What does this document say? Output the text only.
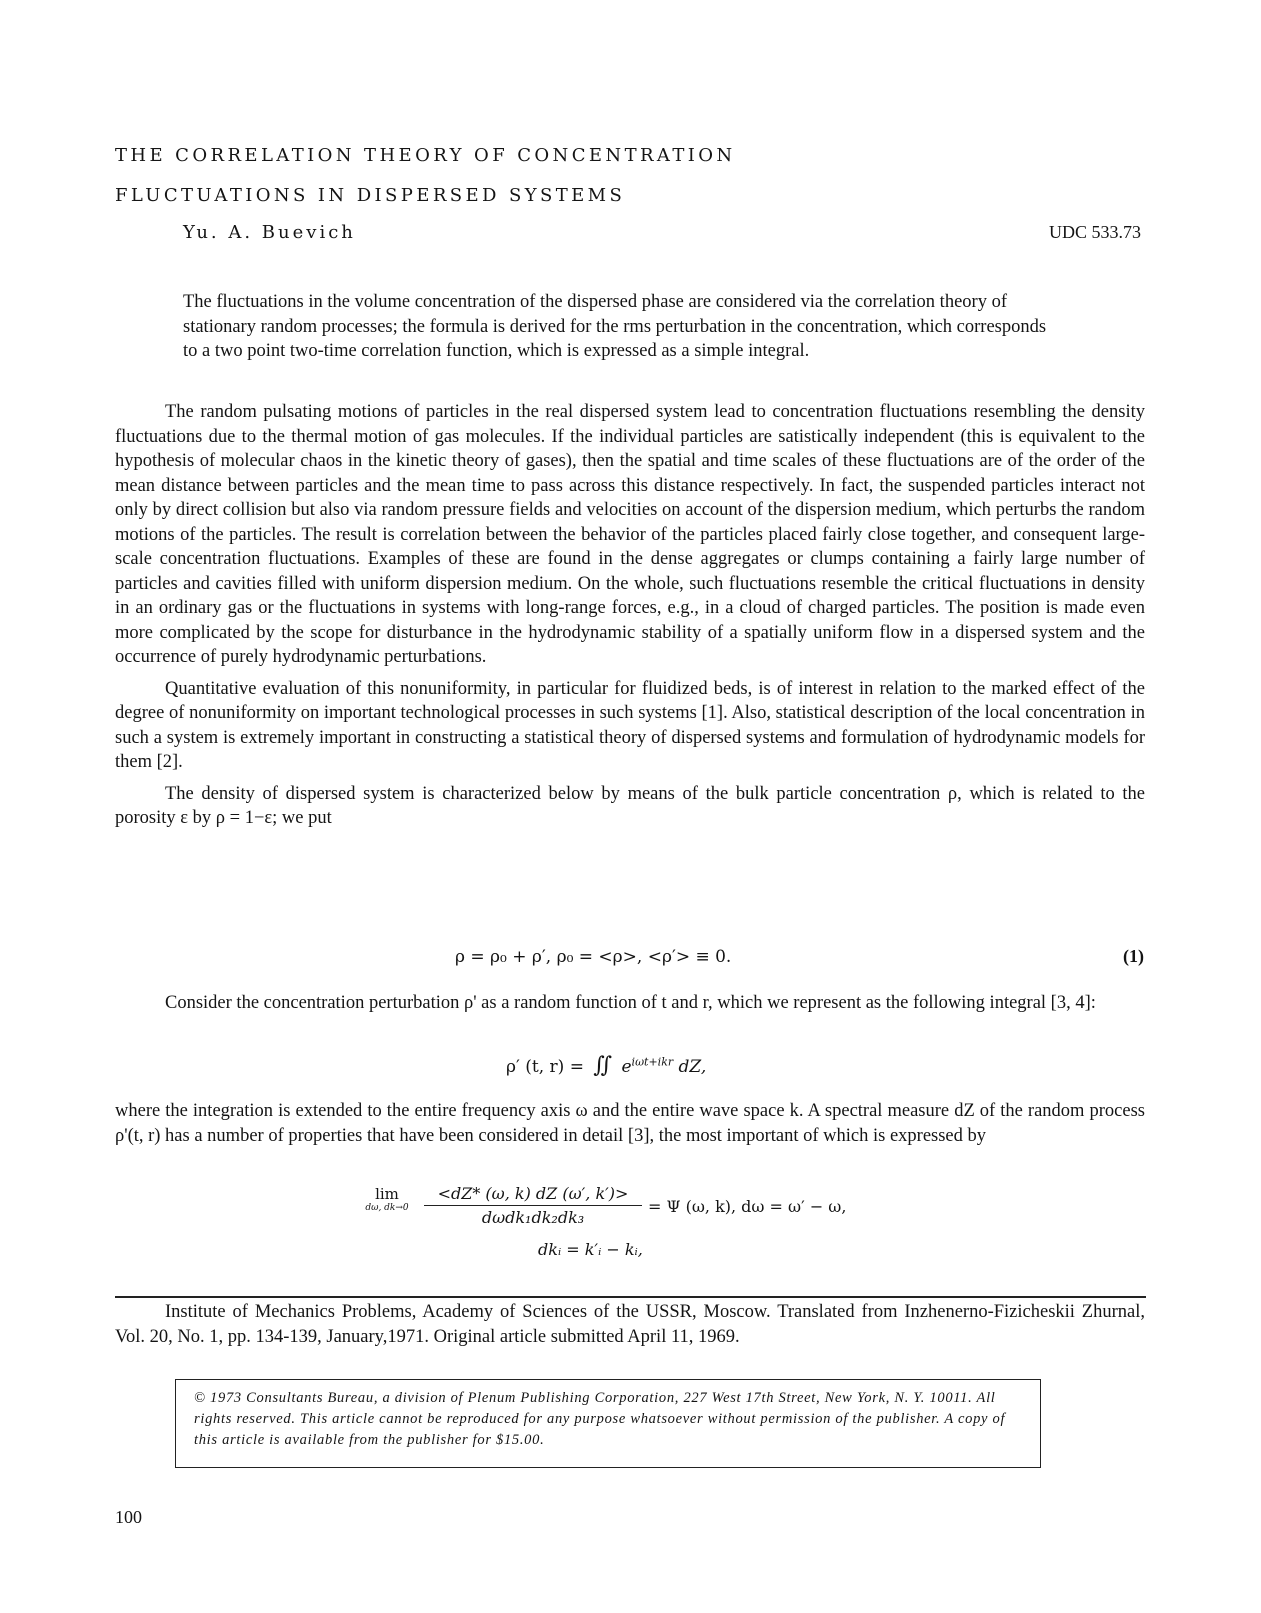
THE CORRELATION THEORY OF CONCENTRATION
FLUCTUATIONS IN DISPERSED SYSTEMS
Yu. A. Buevich	UDC 533.73
The fluctuations in the volume concentration of the dispersed phase are considered via the correlation theory of stationary random processes; the formula is derived for the rms perturbation in the concentration, which corresponds to a two point two-time correlation function, which is expressed as a simple integral.

The random pulsating motions of particles in the real dispersed system lead to concentration fluctuations resembling the density fluctuations due to the thermal motion of gas molecules. If the individual particles are satistically independent (this is equivalent to the hypothesis of molecular chaos in the kinetic theory of gases), then the spatial and time scales of these fluctuations are of the order of the mean distance between particles and the mean time to pass across this distance respectively. In fact, the suspended particles interact not only by direct collision but also via random pressure fields and velocities on account of the dispersion medium, which perturbs the random motions of the particles. The result is correlation between the behavior of the particles placed fairly close together, and consequent large-scale concentration fluctuations. Examples of these are found in the dense aggregates or clumps containing a fairly large number of particles and cavities filled with uniform dispersion medium. On the whole, such fluctuations resemble the critical fluctuations in density in an ordinary gas or the fluctuations in systems with long-range forces, e.g., in a cloud of charged particles. The position is made even more complicated by the scope for disturbance in the hydrodynamic stability of a spatially uniform flow in a dispersed system and the occurrence of purely hydrodynamic perturbations.

Quantitative evaluation of this nonuniformity, in particular for fluidized beds, is of interest in relation to the marked effect of the degree of nonuniformity on important technological processes in such systems [1]. Also, statistical description of the local concentration in such a system is extremely important in constructing a statistical theory of dispersed systems and formulation of hydrodynamic models for them [2].

The density of dispersed system is characterized below by means of the bulk particle concentration ρ, which is related to the porosity ε by ρ = 1−ε; we put

ρ = ρ₀ + ρ′, ρ₀ = <ρ>, <ρ′> ≡ 0.	(1)

Consider the concentration perturbation ρ' as a random function of t and r, which we represent as the following integral [3, 4]:

ρ′ (t, r) = ∬ $e^{i\omega t+ikr}$ dZ,

where the integration is extended to the entire frequency axis ω and the entire wave space k. A spectral measure dZ of the random process ρ'(t, r) has a number of properties that have been considered in detail [3], the most important of which is expressed by

lim
dω, dk→0
<dZ* (ω, k) dZ (ω′, k′)>
dωdk₁dk₂dk₃
= Ψ (ω, k), dω = ω′ − ω,
dkᵢ = k′ᵢ − kᵢ,

Institute of Mechanics Problems, Academy of Sciences of the USSR, Moscow. Translated from Inzhenerno-Fizicheskii Zhurnal, Vol. 20, No. 1, pp. 134-139, January,1971. Original article submitted April 11, 1969.

© 1973 Consultants Bureau, a division of Plenum Publishing Corporation, 227 West 17th Street, New York, N. Y. 10011. All rights reserved. This article cannot be reproduced for any purpose whatsoever without permission of the publisher. A copy of this article is available from the publisher for $15.00.
100
